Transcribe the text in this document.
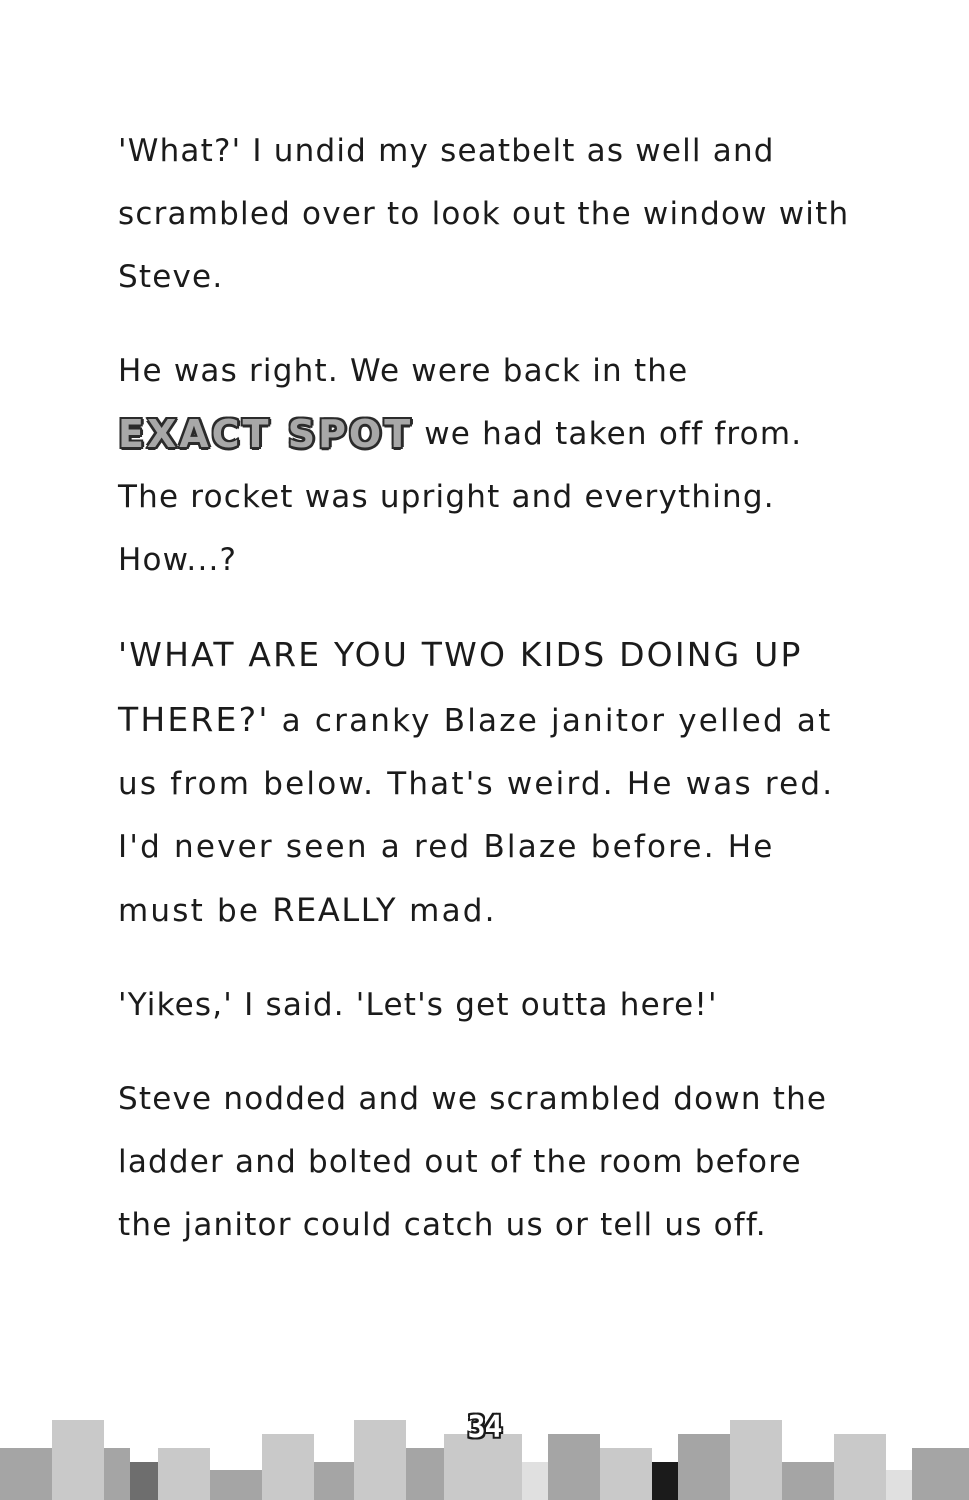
'What?' I undid my seatbelt as well and scrambled over to look out the window with Steve.

He was right. We were back in the EXACT SPOT we had taken off from. The rocket was upright and everything. How...?

'WHAT ARE YOU TWO KIDS DOING UP THERE?' a cranky Blaze janitor yelled at us from below. That's weird. He was red. I'd never seen a red Blaze before. He must be REALLY mad.

'Yikes,' I said. 'Let's get outta here!'

Steve nodded and we scrambled down the ladder and bolted out of the room before the janitor could catch us or tell us off.

34
